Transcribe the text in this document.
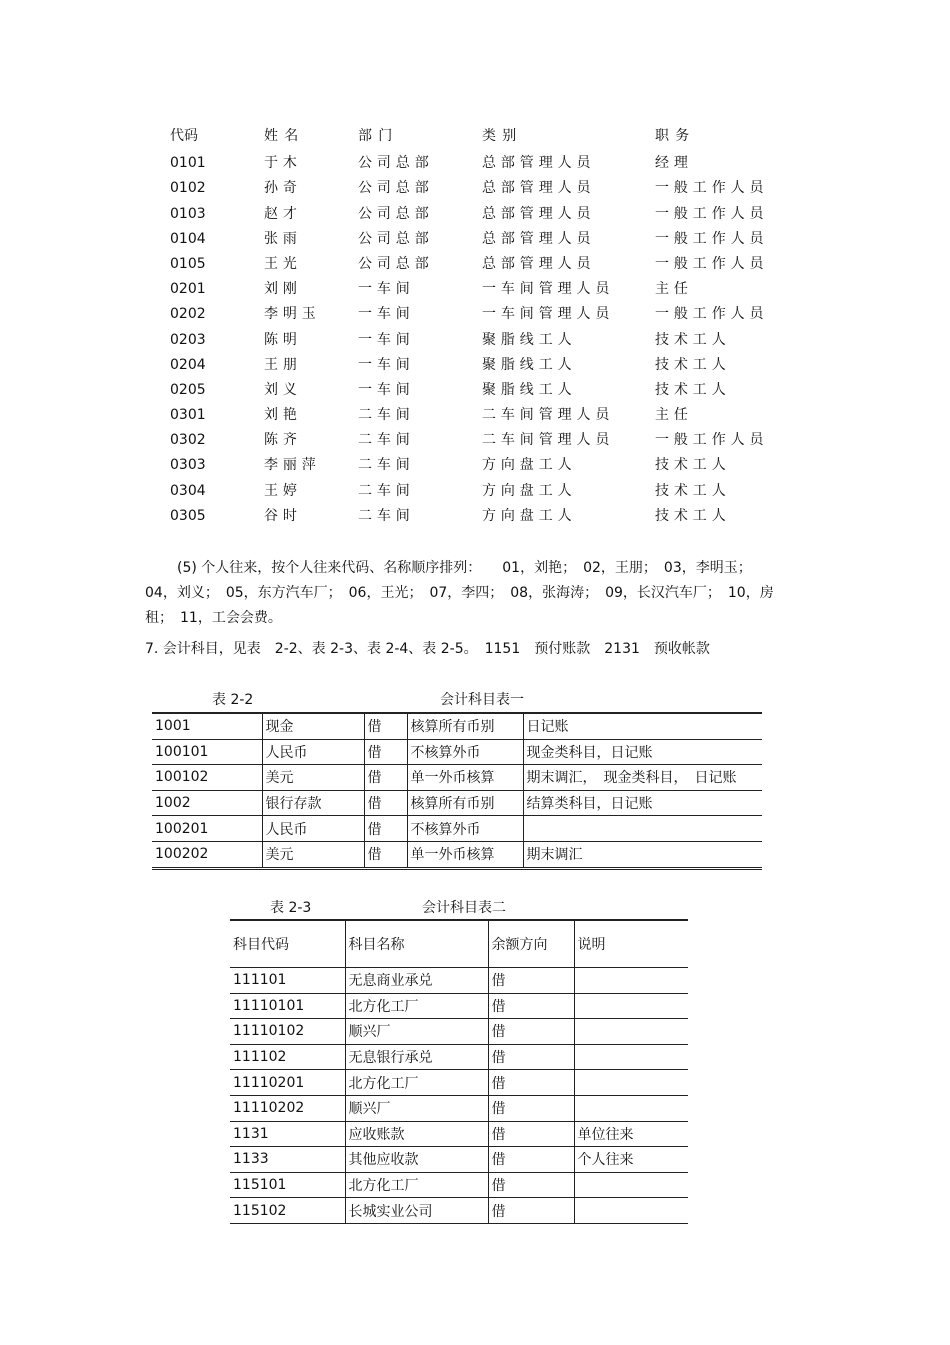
代码	姓名	部门	类别	职务
0101	于木	公司总部	总部管理人员	经理
0102	孙奇	公司总部	总部管理人员	一般工作人员
0103	赵才	公司总部	总部管理人员	一般工作人员
0104	张雨	公司总部	总部管理人员	一般工作人员
0105	王光	公司总部	总部管理人员	一般工作人员
0201	刘刚	一车间	一车间管理人员	主任
0202	李明玉	一车间	一车间管理人员	一般工作人员
0203	陈明	一车间	聚脂线工人	技术工人
0204	王朋	一车间	聚脂线工人	技术工人
0205	刘义	一车间	聚脂线工人	技术工人
0301	刘艳	二车间	二车间管理人员	主任
0302	陈齐	二车间	二车间管理人员	一般工作人员
0303	李丽萍	二车间	方向盘工人	技术工人
0304	王婷	二车间	方向盘工人	技术工人
0305	谷时	二车间	方向盘工人	技术工人
(5) 个人往来，按个人往来代码、名称顺序排列：　　01，刘艳；　02，王朋；　03，李明玉；
04，刘义；　05，东方汽车厂；　06，王光；　07，李四；　08，张海涛；　09，长汉汽车厂；　10，房
租；　11，工会会费。
7. 会计科目，见表　2-2、表 2-3、表 2-4、表 2-5。　1151　预付账款　2131　预收帐款
表 2-2	会计科目表一
1001	现金	借	核算所有币别	日记账
100101	人民币	借	不核算外币	现金类科目，日记账
100102	美元	借	单一外币核算	期末调汇，　现金类科目，　日记账
1002	银行存款	借	核算所有币别	结算类科目，日记账
100201	人民币	借	不核算外币	
100202	美元	借	单一外币核算	期末调汇
表 2-3	会计科目表二
科目代码	科目名称	余额方向	说明
111101	无息商业承兑	借	
11110101	北方化工厂	借	
11110102	顺兴厂	借	
111102	无息银行承兑	借	
11110201	北方化工厂	借	
11110202	顺兴厂	借	
1131	应收账款	借	单位往来
1133	其他应收款	借	个人往来
115101	北方化工厂	借	
115102	长城实业公司	借	
